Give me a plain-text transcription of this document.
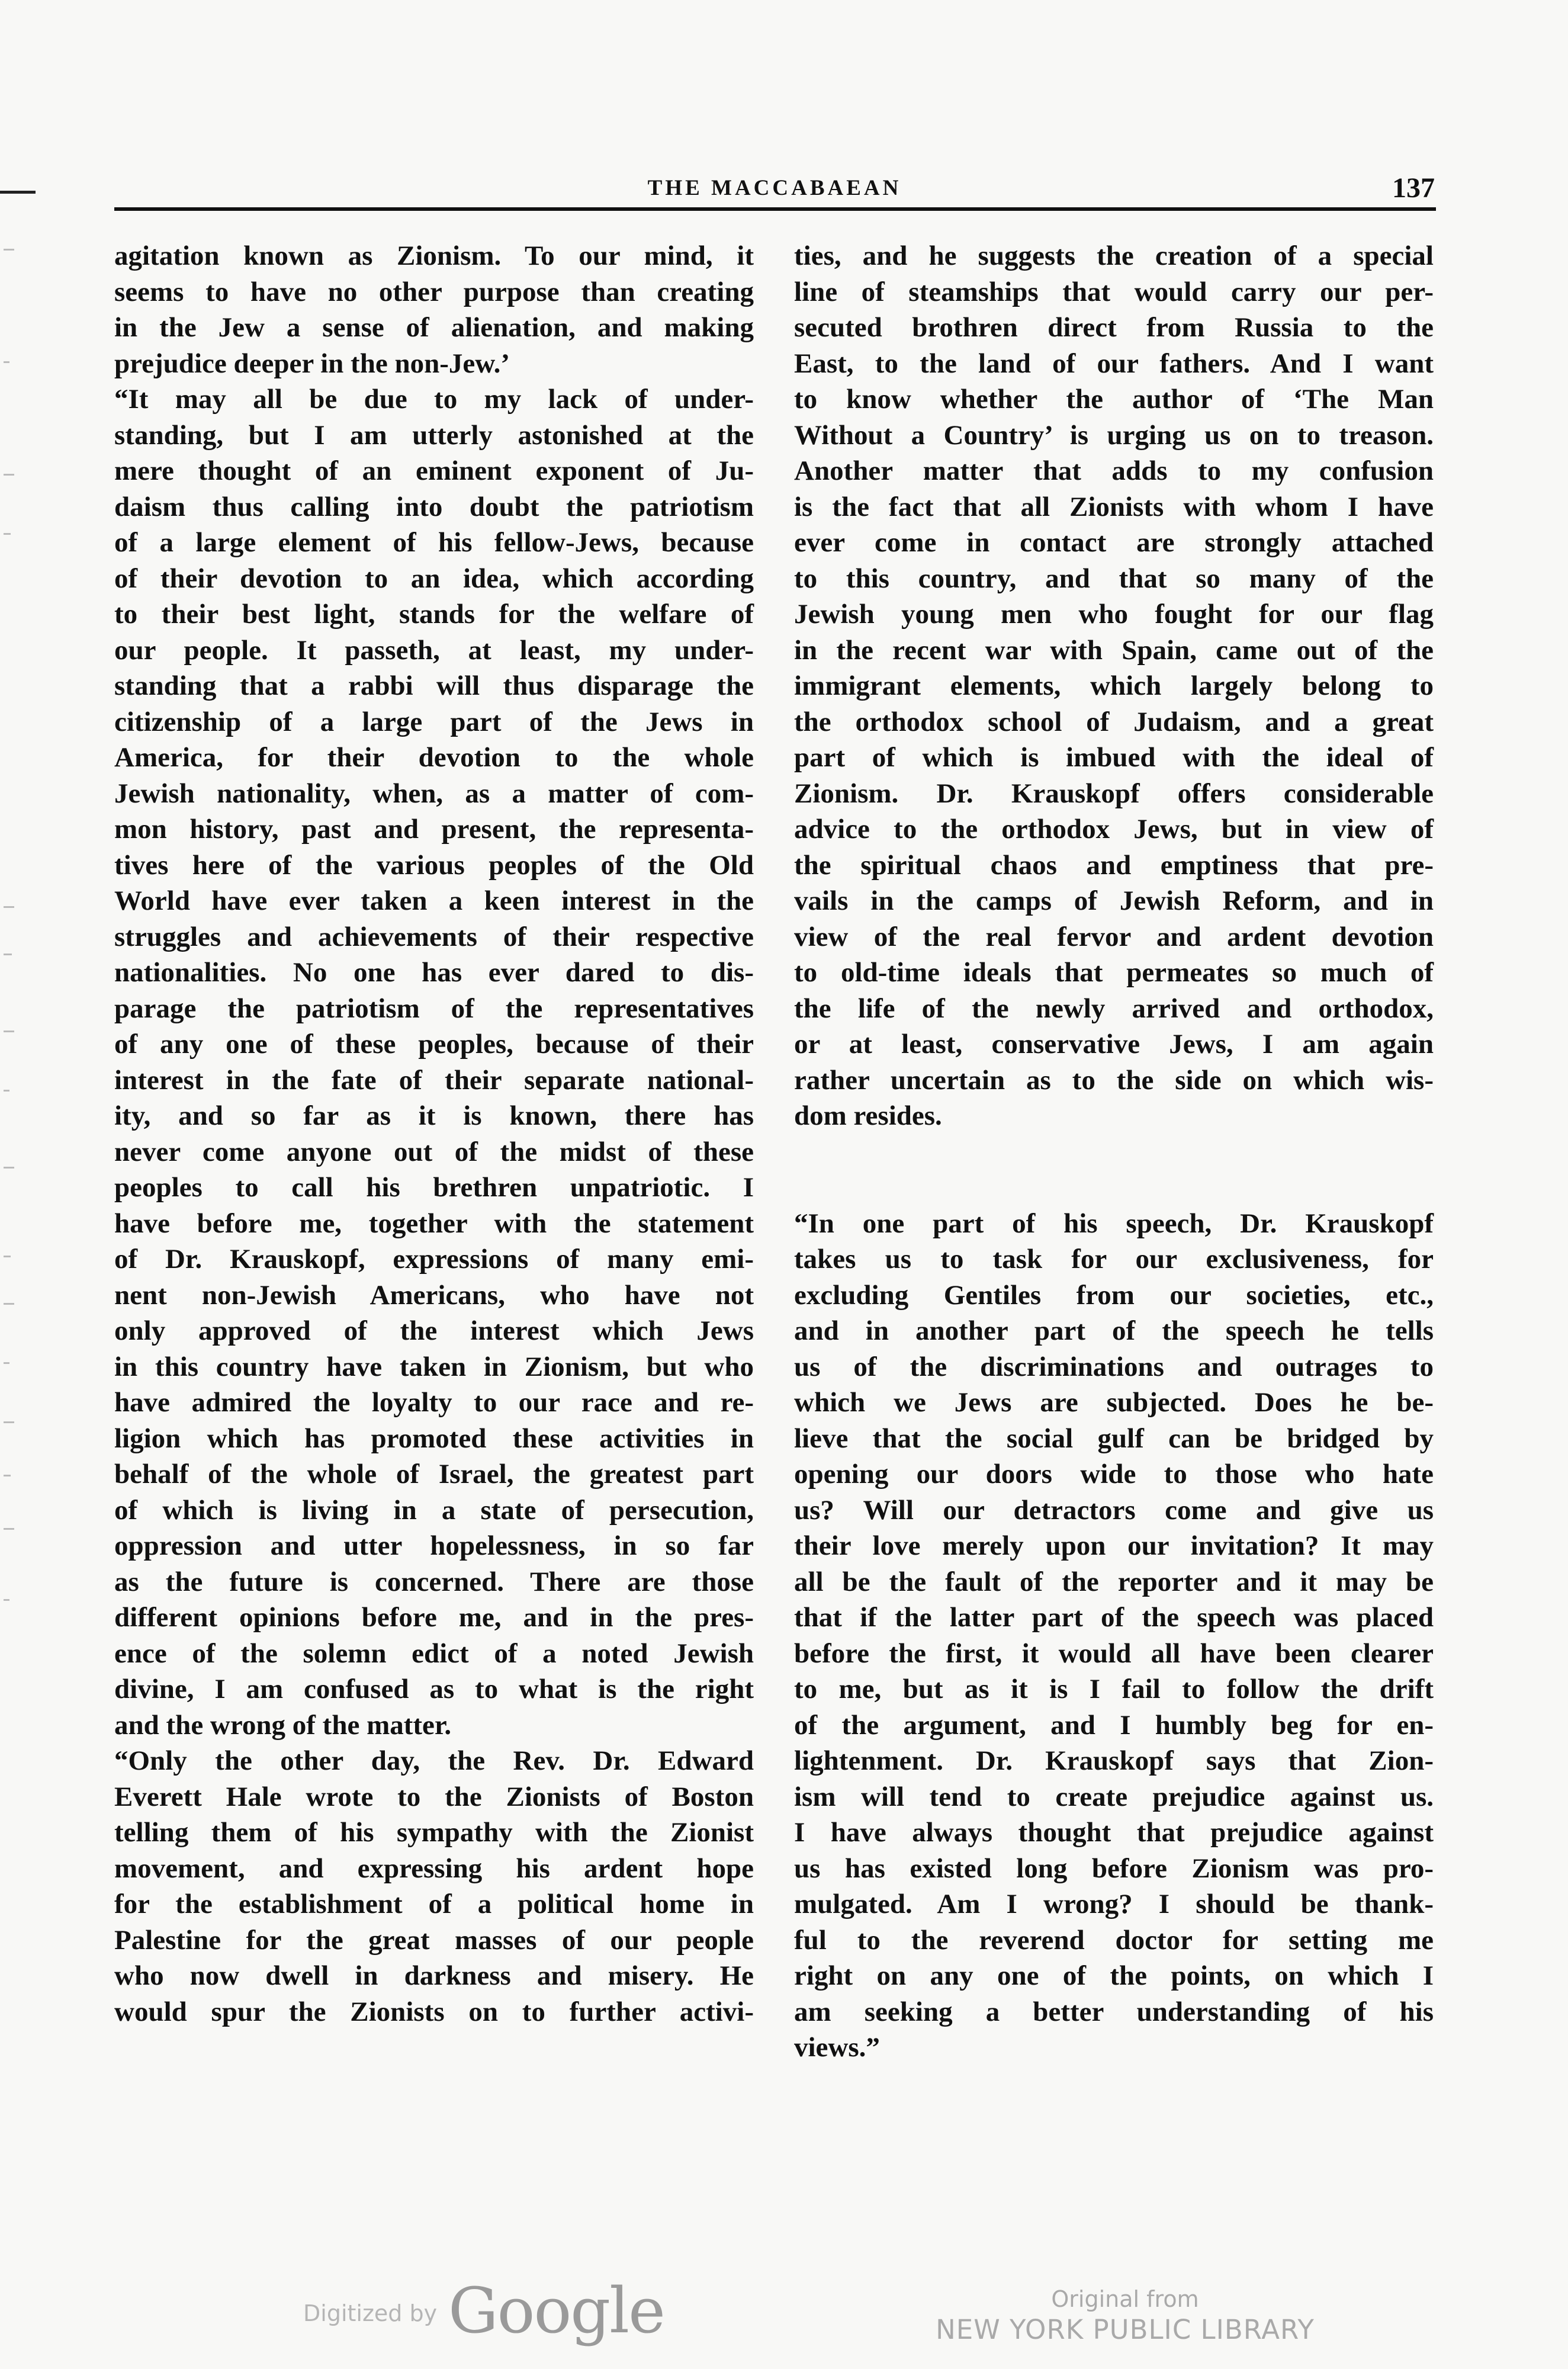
THE MACCABAEAN	137
agitation known as Zionism. To our mind, it
seems to have no other purpose than creating
in the Jew a sense of alienation, and making
prejudice deeper in the non-Jew.’
“It may all be due to my lack of under-
standing, but I am utterly astonished at the
mere thought of an eminent exponent of Ju-
daism thus calling into doubt the patriotism
of a large element of his fellow-Jews, because
of their devotion to an idea, which according
to their best light, stands for the welfare of
our people. It passeth, at least, my under-
standing that a rabbi will thus disparage the
citizenship of a large part of the Jews in
America, for their devotion to the whole
Jewish nationality, when, as a matter of com-
mon history, past and present, the representa-
tives here of the various peoples of the Old
World have ever taken a keen interest in the
struggles and achievements of their respective
nationalities. No one has ever dared to dis-
parage the patriotism of the representatives
of any one of these peoples, because of their
interest in the fate of their separate national-
ity, and so far as it is known, there has
never come anyone out of the midst of these
peoples to call his brethren unpatriotic. I
have before me, together with the statement
of Dr. Krauskopf, expressions of many emi-
nent non-Jewish Americans, who have not
only approved of the interest which Jews
in this country have taken in Zionism, but who
have admired the loyalty to our race and re-
ligion which has promoted these activities in
behalf of the whole of Israel, the greatest part
of which is living in a state of persecution,
oppression and utter hopelessness, in so far
as the future is concerned. There are those
different opinions before me, and in the pres-
ence of the solemn edict of a noted Jewish
divine, I am confused as to what is the right
and the wrong of the matter.
“Only the other day, the Rev. Dr. Edward
Everett Hale wrote to the Zionists of Boston
telling them of his sympathy with the Zionist
movement, and expressing his ardent hope
for the establishment of a political home in
Palestine for the great masses of our people
who now dwell in darkness and misery. He
would spur the Zionists on to further activi-
ties, and he suggests the creation of a special
line of steamships that would carry our per-
secuted brothren direct from Russia to the
East, to the land of our fathers. And I want
to know whether the author of ‘The Man
Without a Country’ is urging us on to treason.
Another matter that adds to my confusion
is the fact that all Zionists with whom I have
ever come in contact are strongly attached
to this country, and that so many of the
Jewish young men who fought for our flag
in the recent war with Spain, came out of the
immigrant elements, which largely belong to
the orthodox school of Judaism, and a great
part of which is imbued with the ideal of
Zionism. Dr. Krauskopf offers considerable
advice to the orthodox Jews, but in view of
the spiritual chaos and emptiness that pre-
vails in the camps of Jewish Reform, and in
view of the real fervor and ardent devotion
to old-time ideals that permeates so much of
the life of the newly arrived and orthodox,
or at least, conservative Jews, I am again
rather uncertain as to the side on which wis-
dom resides.
“In one part of his speech, Dr. Krauskopf
takes us to task for our exclusiveness, for
excluding Gentiles from our societies, etc.,
and in another part of the speech he tells
us of the discriminations and outrages to
which we Jews are subjected. Does he be-
lieve that the social gulf can be bridged by
opening our doors wide to those who hate
us? Will our detractors come and give us
their love merely upon our invitation? It may
all be the fault of the reporter and it may be
that if the latter part of the speech was placed
before the first, it would all have been clearer
to me, but as it is I fail to follow the drift
of the argument, and I humbly beg for en-
lightenment. Dr. Krauskopf says that Zion-
ism will tend to create prejudice against us.
I have always thought that prejudice against
us has existed long before Zionism was pro-
mulgated. Am I wrong? I should be thank-
ful to the reverend doctor for setting me
right on any one of the points, on which I
am seeking a better understanding of his
views.”
Digitized by Google	Original from
NEW YORK PUBLIC LIBRARY
